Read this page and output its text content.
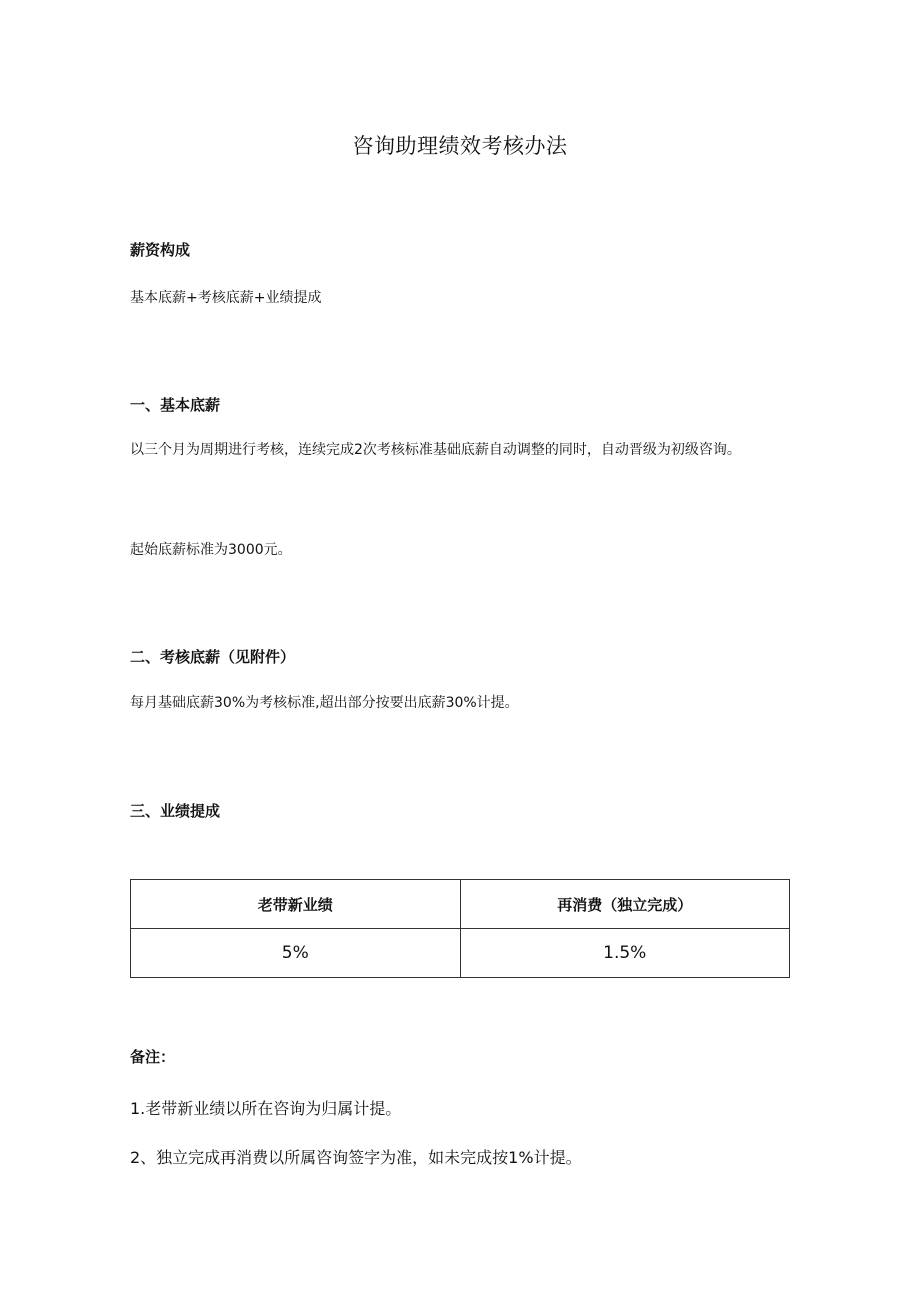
咨询助理绩效考核办法
薪资构成
基本底薪+考核底薪+业绩提成
一、基本底薪
以三个月为周期进行考核，连续完成2次考核标准基础底薪自动调整的同时，自动晋级为初级咨询。
起始底薪标准为3000元。
二、考核底薪（见附件）
每月基础底薪30%为考核标准,超出部分按要出底薪30%计提。
三、业绩提成
老带新业绩	再消费（独立完成）
5%	1.5%
备注：
1.老带新业绩以所在咨询为归属计提。
2、独立完成再消费以所属咨询签字为准，如未完成按1%计提。
